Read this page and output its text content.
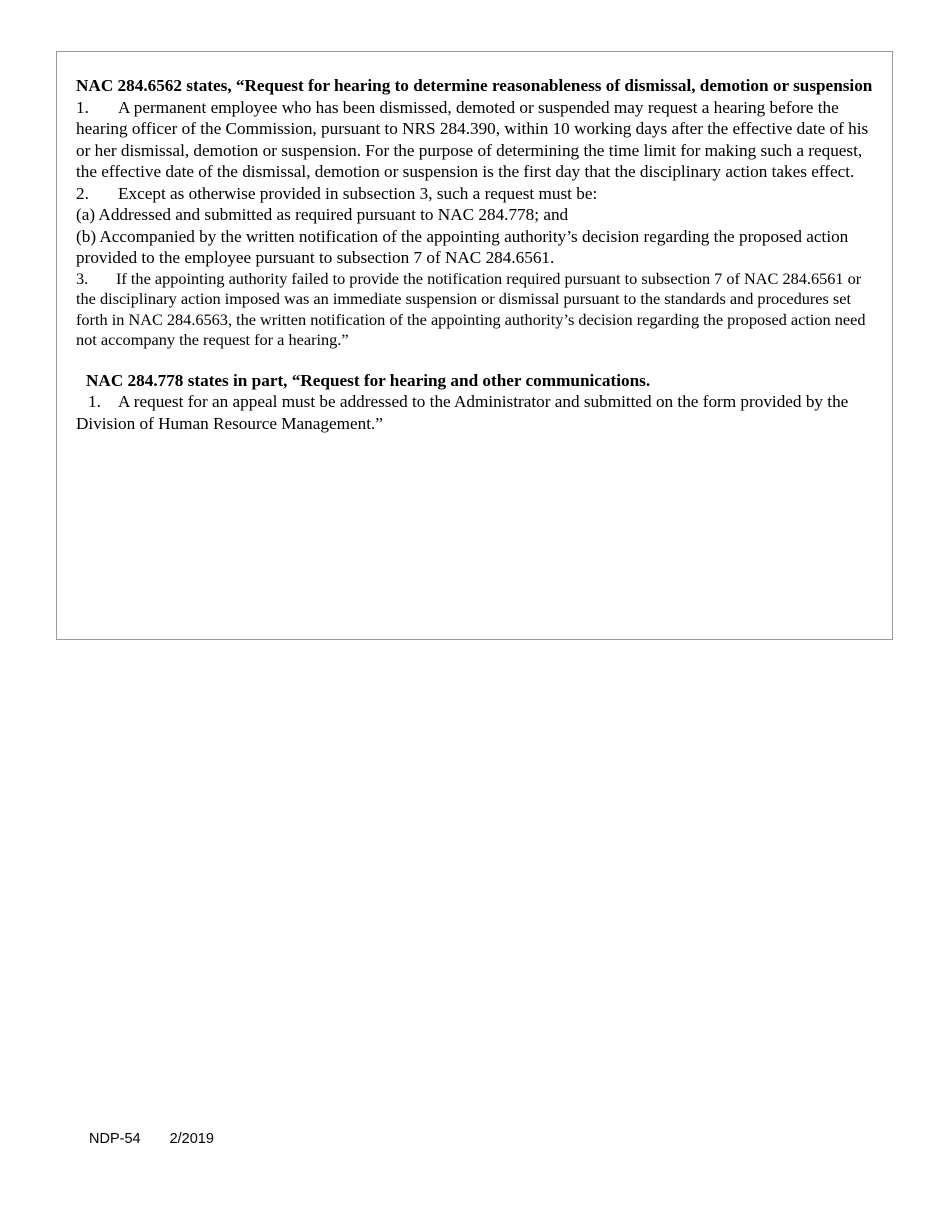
NAC 284.6562 states, “Request for hearing to determine reasonableness of dismissal, demotion or suspension

1. A permanent employee who has been dismissed, demoted or suspended may request a hearing before the hearing officer of the Commission, pursuant to NRS 284.390, within 10 working days after the effective date of his or her dismissal, demotion or suspension. For the purpose of determining the time limit for making such a request, the effective date of the dismissal, demotion or suspension is the first day that the disciplinary action takes effect.

2. Except as otherwise provided in subsection 3, such a request must be:

(a) Addressed and submitted as required pursuant to NAC 284.778; and

(b) Accompanied by the written notification of the appointing authority’s decision regarding the proposed action provided to the employee pursuant to subsection 7 of NAC 284.6561.

3. If the appointing authority failed to provide the notification required pursuant to subsection 7 of NAC 284.6561 or the disciplinary action imposed was an immediate suspension or dismissal pursuant to the standards and procedures set forth in NAC 284.6563, the written notification of the appointing authority’s decision regarding the proposed action need not accompany the request for a hearing.”

NAC 284.778 states in part, “Request for hearing and other communications.

1. A request for an appeal must be addressed to the Administrator and submitted on the form provided by the Division of Human Resource Management.”

NDP-54 2/2019
